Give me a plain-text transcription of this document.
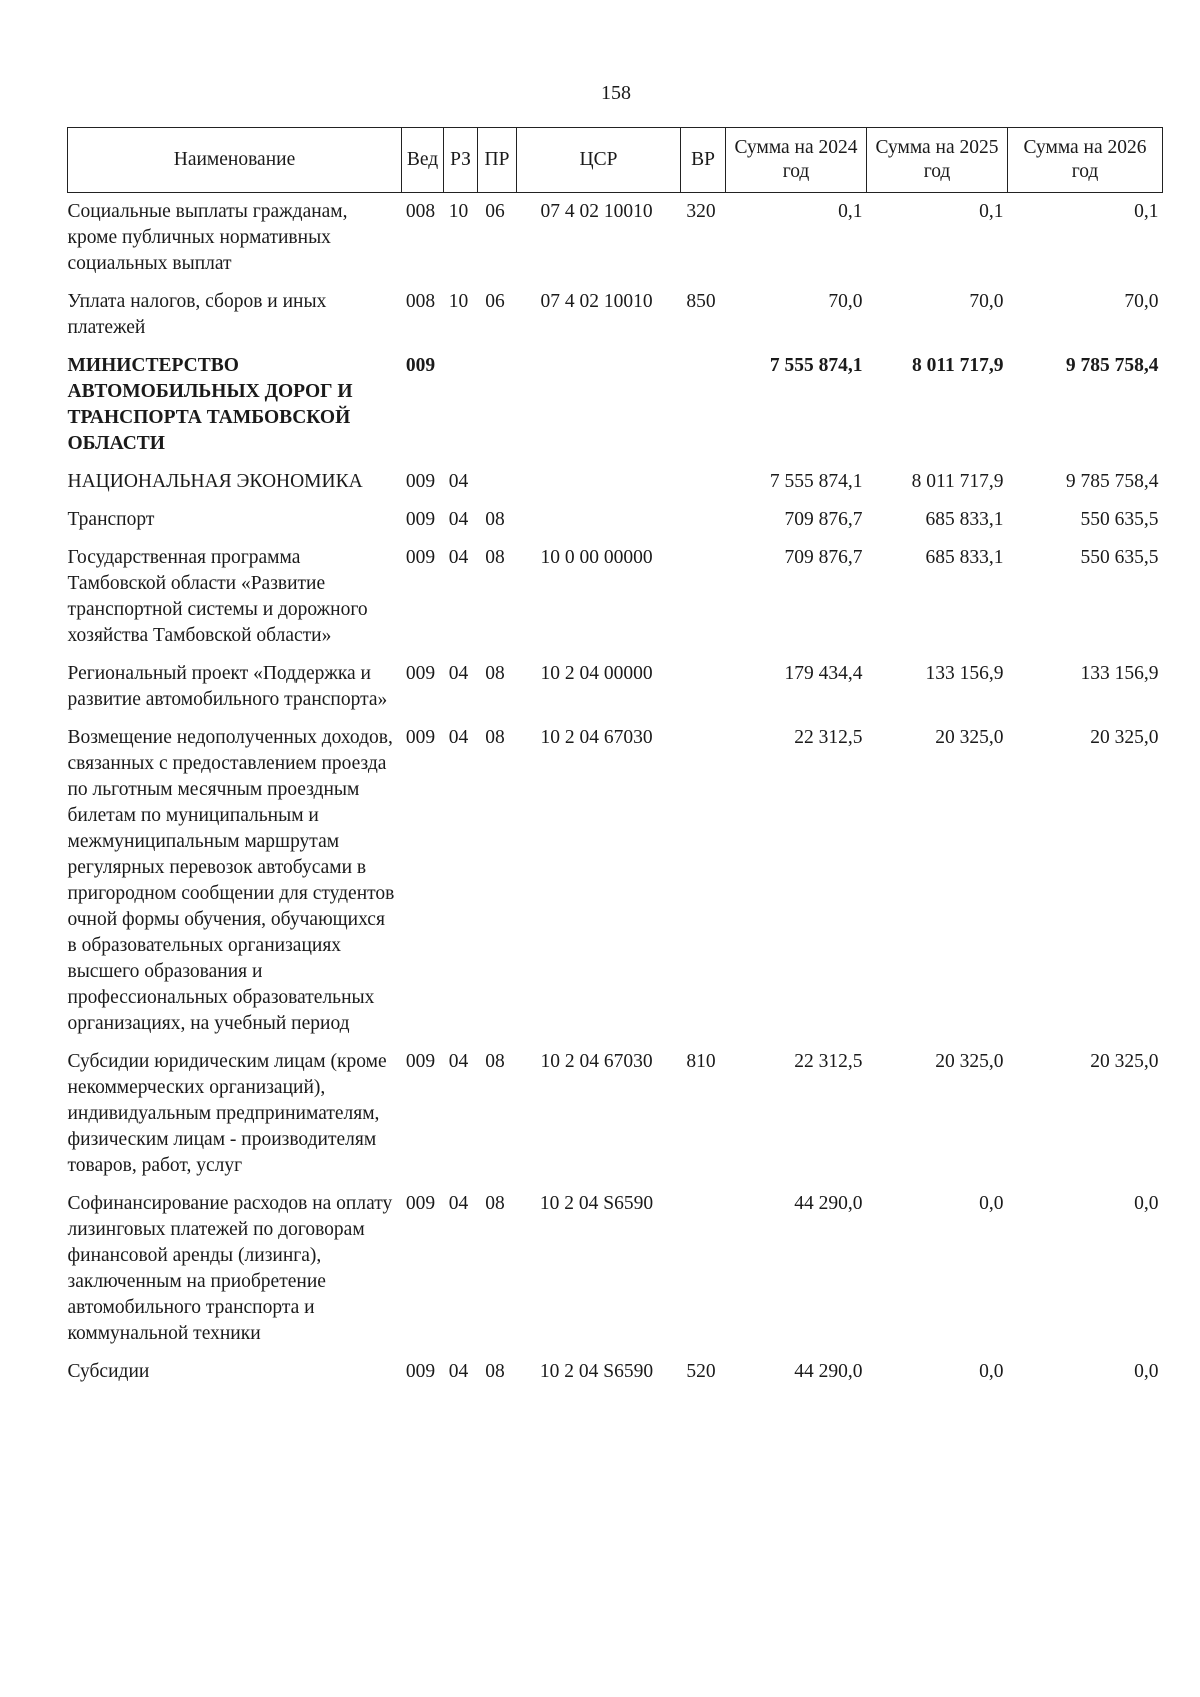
158
Наименование	Вед	РЗ	ПР	ЦСР	ВР	Сумма на 2024 год	Сумма на 2025 год	Сумма на 2026 год
Социальные выплаты гражданам, кроме публичных нормативных социальных выплат	008	10	06	07 4 02 10010	320	0,1	0,1	0,1
Уплата налогов, сборов и иных платежей	008	10	06	07 4 02 10010	850	70,0	70,0	70,0
МИНИСТЕРСТВО АВТОМОБИЛЬНЫХ ДОРОГ И ТРАНСПОРТА ТАМБОВСКОЙ ОБЛАСТИ	009					7 555 874,1	8 011 717,9	9 785 758,4
НАЦИОНАЛЬНАЯ ЭКОНОМИКА	009	04				7 555 874,1	8 011 717,9	9 785 758,4
Транспорт	009	04	08			709 876,7	685 833,1	550 635,5
Государственная программа Тамбовской области «Развитие транспортной системы и дорожного хозяйства Тамбовской области»	009	04	08	10 0 00 00000		709 876,7	685 833,1	550 635,5
Региональный проект «Поддержка и развитие автомобильного транспорта»	009	04	08	10 2 04 00000		179 434,4	133 156,9	133 156,9
Возмещение недополученных доходов, связанных с предоставлением проезда по льготным месячным проездным билетам по муниципальным и межмуниципальным маршрутам регулярных перевозок автобусами в пригородном сообщении для студентов очной формы обучения, обучающихся в образовательных организациях высшего образования и профессиональных образовательных организациях, на учебный период	009	04	08	10 2 04 67030		22 312,5	20 325,0	20 325,0
Субсидии юридическим лицам (кроме некоммерческих организаций), индивидуальным предпринимателям, физическим лицам - производителям товаров, работ, услуг	009	04	08	10 2 04 67030	810	22 312,5	20 325,0	20 325,0
Софинансирование расходов на оплату лизинговых платежей по договорам финансовой аренды (лизинга), заключенным на приобретение автомобильного транспорта и коммунальной техники	009	04	08	10 2 04 S6590		44 290,0	0,0	0,0
Субсидии	009	04	08	10 2 04 S6590	520	44 290,0	0,0	0,0
